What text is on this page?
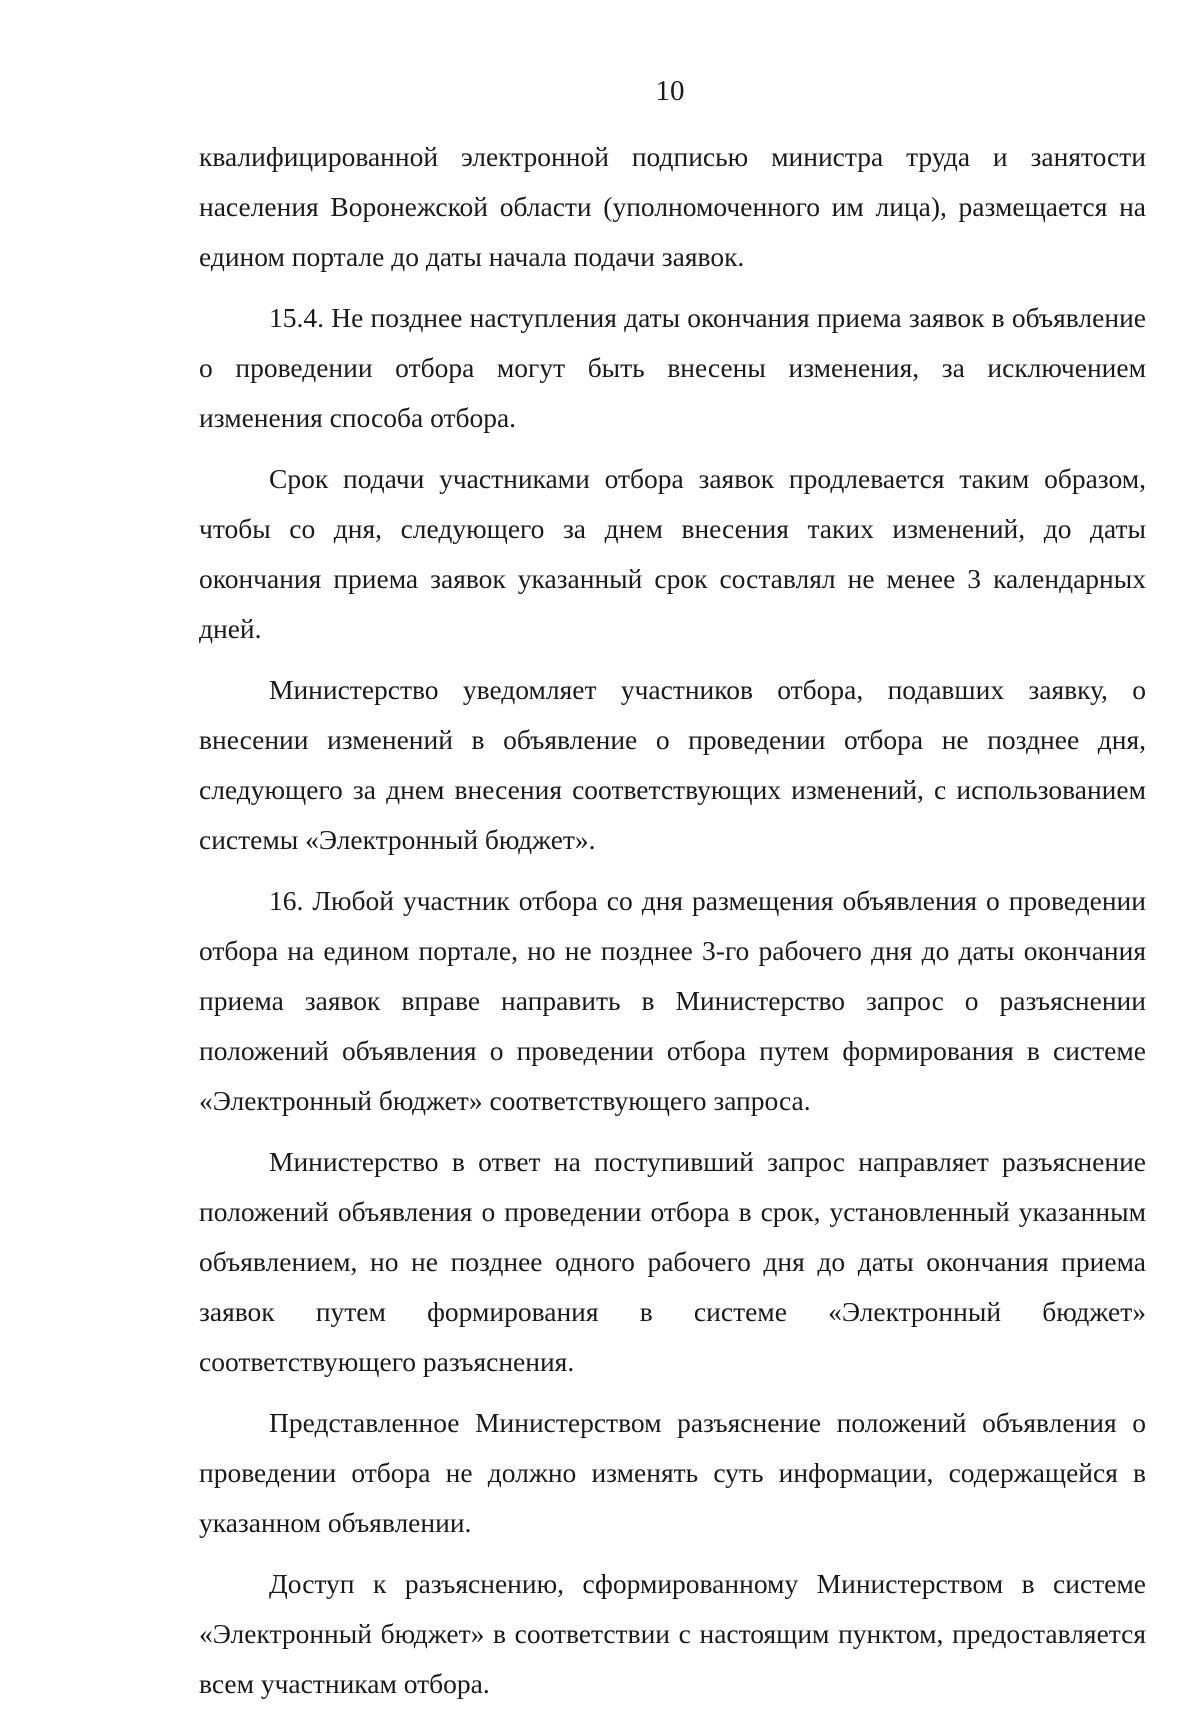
10

квалифицированной электронной подписью министра труда и занятости населения Воронежской области (уполномоченного им лица), размещается на едином портале до даты начала подачи заявок.

15.4. Не позднее наступления даты окончания приема заявок в объявление о проведении отбора могут быть внесены изменения, за исключением изменения способа отбора.

Срок подачи участниками отбора заявок продлевается таким образом, чтобы со дня, следующего за днем внесения таких изменений, до даты окончания приема заявок указанный срок составлял не менее 3 календарных дней.

Министерство уведомляет участников отбора, подавших заявку, о внесении изменений в объявление о проведении отбора не позднее дня, следующего за днем внесения соответствующих изменений, с использованием системы «Электронный бюджет».

16. Любой участник отбора со дня размещения объявления о проведении отбора на едином портале, но не позднее 3-го рабочего дня до даты окончания приема заявок вправе направить в Министерство запрос о разъяснении положений объявления о проведении отбора путем формирования в системе «Электронный бюджет» соответствующего запроса.

Министерство в ответ на поступивший запрос направляет разъяснение положений объявления о проведении отбора в срок, установленный указанным объявлением, но не позднее одного рабочего дня до даты окончания приема заявок путем формирования в системе «Электронный бюджет» соответствующего разъяснения.

Представленное Министерством разъяснение положений объявления о проведении отбора не должно изменять суть информации, содержащейся в указанном объявлении.

Доступ к разъяснению, сформированному Министерством в системе «Электронный бюджет» в соответствии с настоящим пунктом, предоставляется всем участникам отбора.
